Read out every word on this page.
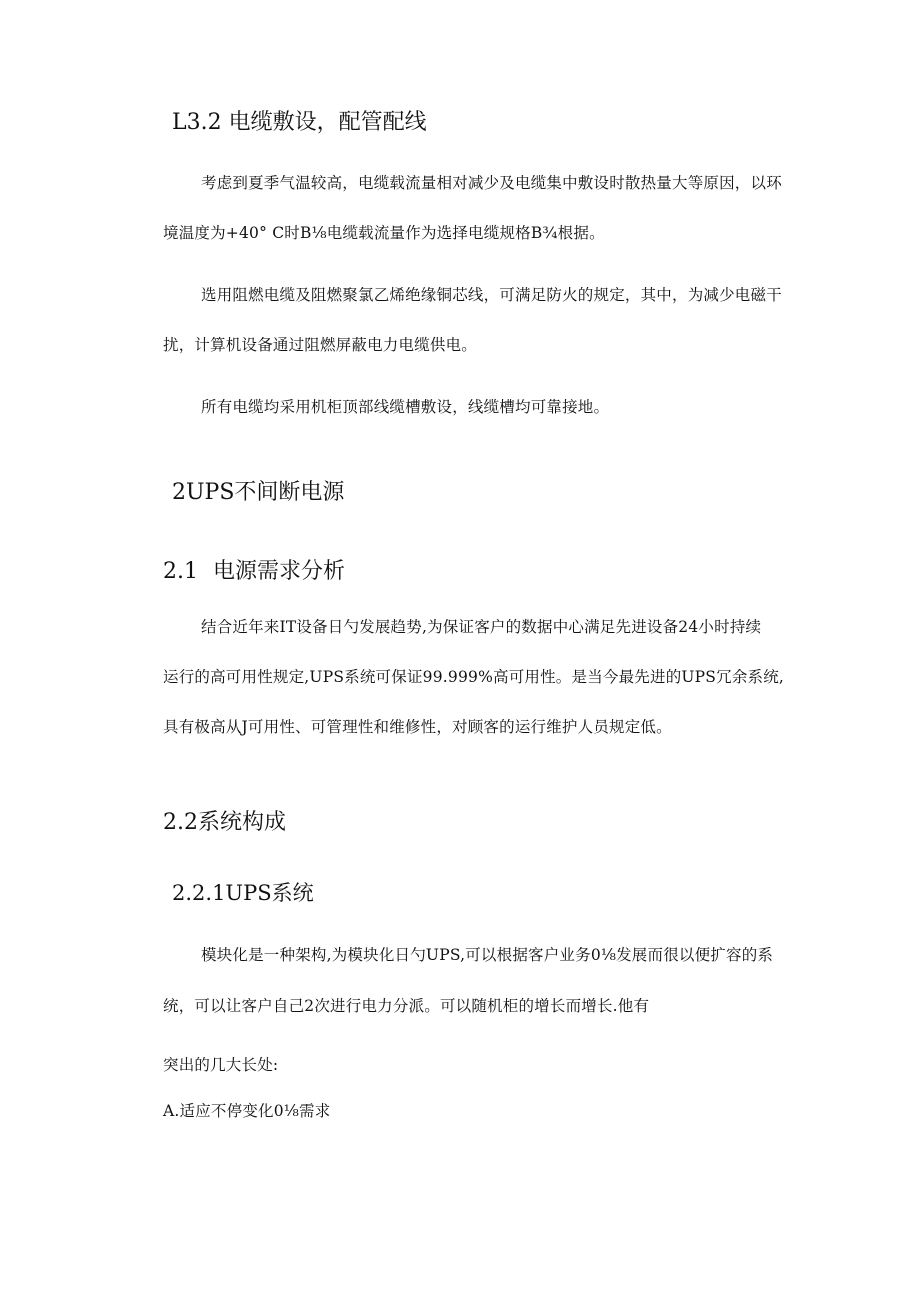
L3.2 电缆敷设，配管配线

考虑到夏季气温较高，电缆载流量相对减少及电缆集中敷设时散热量大等原因，以环

境温度为+40° C时B⅛电缆载流量作为选择电缆规格B¾根据。

选用阻燃电缆及阻燃聚氯乙烯绝缘铜芯线，可满足防火的规定，其中，为减少电磁干

扰，计算机设备通过阻燃屏蔽电力电缆供电。

所有电缆均采用机柜顶部线缆槽敷设，线缆槽均可靠接地。

2UPS不间断电源

2.1 电源需求分析

结合近年来IT设备日勺发展趋势,为保证客户的数据中心满足先进设备24小时持续

运行的高可用性规定,UPS系统可保证99.999%高可用性。是当今最先进的UPS冗余系统,

具有极高从J可用性、可管理性和维修性，对顾客的运行维护人员规定低。

2.2系统构成

2.2.1UPS系统

模块化是一种架构,为模块化日勺UPS,可以根据客户业务0⅛发展而很以便扩容的系

统，可以让客户自己2次进行电力分派。可以随机柜的增长而增长.他有

突出的几大长处:

A.适应不停变化0⅛需求
